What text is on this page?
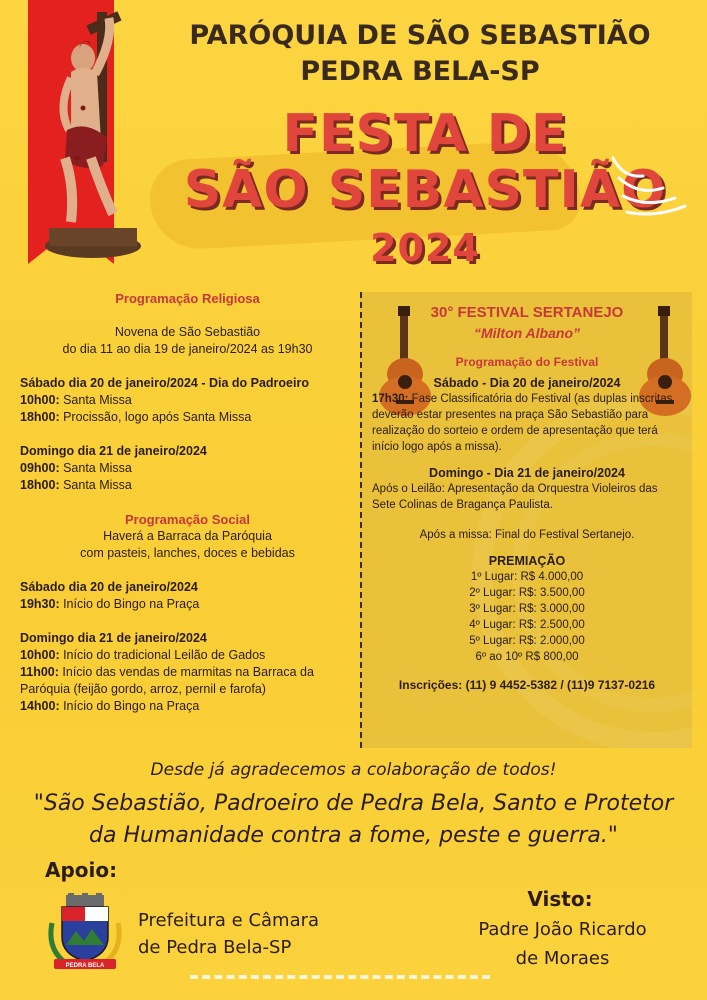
PARÓQUIA DE SÃO SEBASTIÃO
PEDRA BELA-SP
FESTA DE
SÃO SEBASTIÃO
2024
Programação Religiosa
Novena de São Sebastião
do dia 11 ao dia 19 de janeiro/2024 as 19h30
Sábado dia 20 de janeiro/2024 - Dia do Padroeiro
10h00: Santa Missa
18h00: Procissão, logo após Santa Missa
Domingo dia 21 de janeiro/2024
09h00: Santa Missa
18h00: Santa Missa
Programação Social
Haverá a Barraca da Paróquia
com pasteis, lanches, doces e bebidas
Sábado dia 20 de janeiro/2024
19h30: Início do Bingo na Praça
Domingo dia 21 de janeiro/2024
10h00: Início do tradicional Leilão de Gados
11h00: Início das vendas de marmitas na Barraca da Paróquia (feijão gordo, arroz, pernil e farofa)
14h00: Início do Bingo na Praça
30° FESTIVAL SERTANEJO
“Milton Albano”
Programação do Festival
Sábado - Dia 20 de janeiro/2024
17h30: Fase Classificatória do Festival (as duplas inscritas deverão estar presentes na praça São Sebastião para realização do sorteio e ordem de apresentação que terá início logo após a missa).
Domingo - Dia 21 de janeiro/2024
Após o Leilão: Apresentação da Orquestra Violeiros das Sete Colinas de Bragança Paulista.
Após a missa: Final do Festival Sertanejo.
PREMIAÇÃO
1º Lugar: R$ 4.000,00
2º Lugar: R$: 3.500,00
3º Lugar: R$: 3.000,00
4º Lugar: R$: 2.500,00
5º Lugar: R$: 2.000,00
6º ao 10º R$ 800,00
Inscrições: (11) 9 4452-5382 / (11)9 7137-0216
Desde já agradecemos a colaboração de todos!
"São Sebastião, Padroeiro de Pedra Bela, Santo e Protetor
da Humanidade contra a fome, peste e guerra."
Apoio:
PEDRA BELA
Prefeitura e Câmara
de Pedra Bela-SP
Visto:
Padre João Ricardo
de Moraes
